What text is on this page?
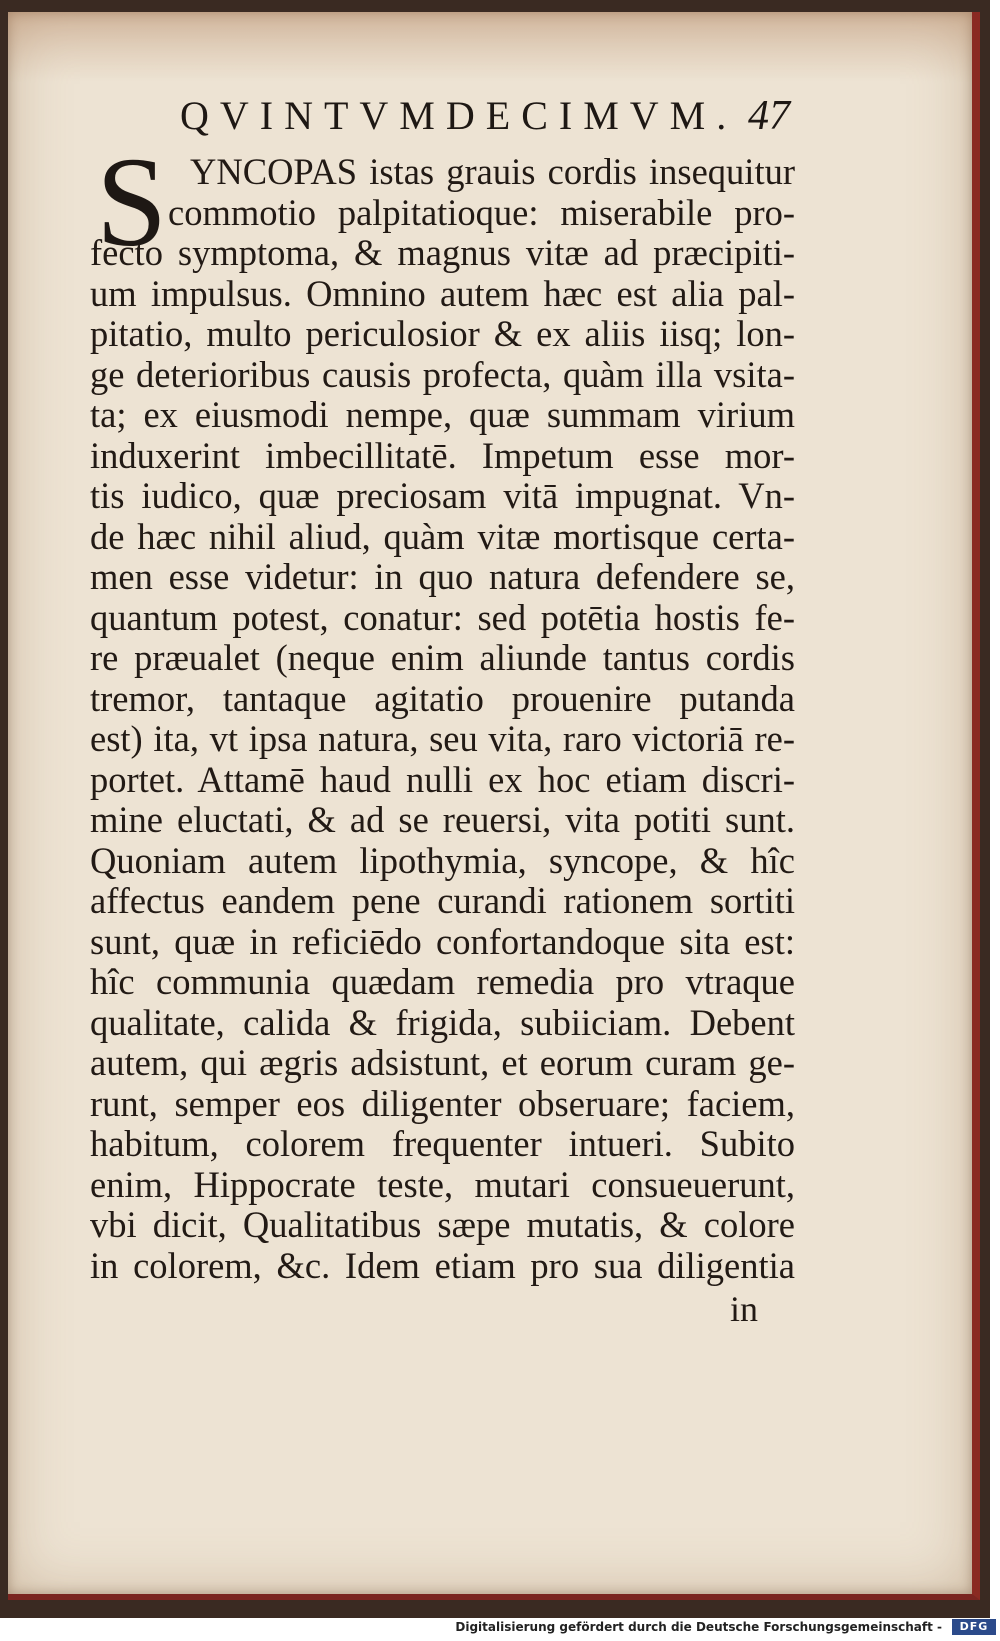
QVINTVMDECIMVM. 47
S YNCOPAS istas grauis cordis insequitur
commotio palpitatioque: miserabile pro-
fecto symptoma, & magnus vitæ ad præcipiti-
um impulsus. Omnino autem hæc est alia pal-
pitatio, multo periculosior & ex aliis iisq; lon-
ge deterioribus causis profecta, quàm illa vsita-
ta; ex eiusmodi nempe, quæ summam virium
induxerint imbecillitatē. Impetum esse mor-
tis iudico, quæ preciosam vitā impugnat. Vn-
de hæc nihil aliud, quàm vitæ mortisque certa-
men esse videtur: in quo natura defendere se,
quantum potest, conatur: sed potētia hostis fe-
re præualet (neque enim aliunde tantus cordis
tremor, tantaque agitatio prouenire putanda
est) ita, vt ipsa natura, seu vita, raro victoriā re-
portet. Attamē haud nulli ex hoc etiam discri-
mine eluctati, & ad se reuersi, vita potiti sunt.
Quoniam autem lipothymia, syncope, & hîc
affectus eandem pene curandi rationem sortiti
sunt, quæ in reficiēdo confortandoque sita est:
hîc communia quædam remedia pro vtraque
qualitate, calida & frigida, subiiciam. Debent
autem, qui ægris adsistunt, et eorum curam ge-
runt, semper eos diligenter obseruare; faciem,
habitum, colorem frequenter intueri. Subito
enim, Hippocrate teste, mutari consueuerunt,
vbi dicit, Qualitatibus sæpe mutatis, & colore
in colorem, &c. Idem etiam pro sua diligentia
in
Digitalisierung gefördert durch die Deutsche Forschungsgemeinschaft -	DFG
